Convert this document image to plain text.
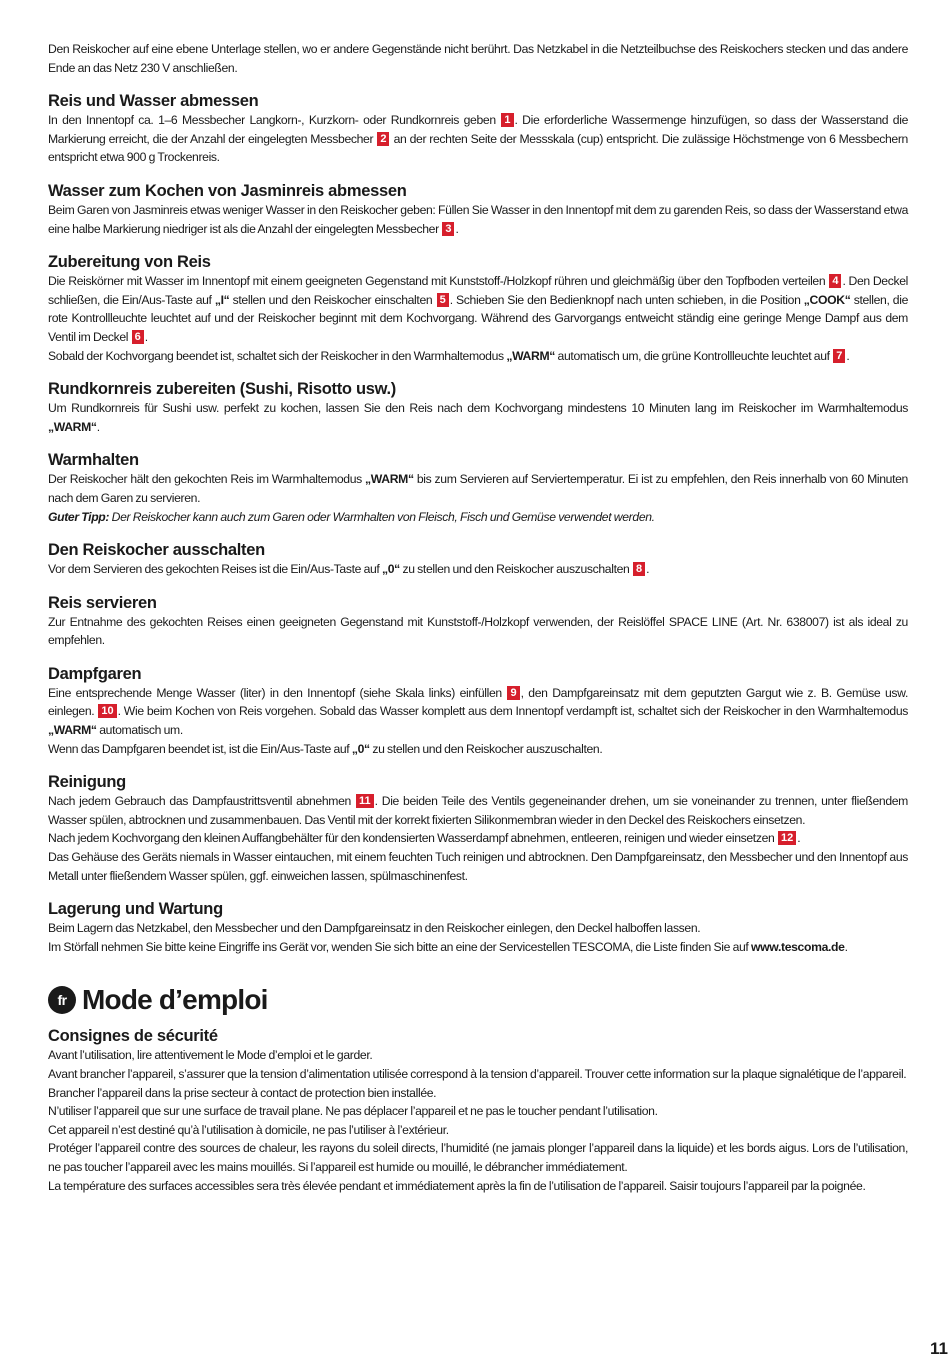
Den Reiskocher auf eine ebene Unterlage stellen, wo er andere Gegenstände nicht berührt. Das Netzkabel in die Netzteilbuchse des Reiskochers stecken und das andere Ende an das Netz 230 V anschließen.

Reis und Wasser abmessen

In den Innentopf ca. 1–6 Messbecher Langkorn-, Kurzkorn- oder Rundkornreis geben 1 . Die erforderliche Wassermenge hinzufügen, so dass der Wasserstand die Markierung erreicht, die der Anzahl der eingelegten Messbecher 2 an der rechten Seite der Messskala (cup) entspricht. Die zulässige Höchstmenge von 6 Messbechern entspricht etwa 900 g Trockenreis.

Wasser zum Kochen von Jasminreis abmessen

Beim Garen von Jasminreis etwas weniger Wasser in den Reiskocher geben: Füllen Sie Wasser in den Innentopf mit dem zu garenden Reis, so dass der Wasserstand etwa eine halbe Markierung niedriger ist als die Anzahl der eingelegten Messbecher 3 .

Zubereitung von Reis

Die Reiskörner mit Wasser im Innentopf mit einem geeigneten Gegenstand mit Kunststoff-/Holzkopf rühren und gleichmäßig über den Topfboden verteilen 4 . Den Deckel schließen, die Ein/Aus-Taste auf „I“ stellen und den Reiskocher einschalten 5 . Schieben Sie den Bedienknopf nach unten schieben, in die Position „COOK“ stellen, die rote Kontrollleuchte leuchtet auf und der Reiskocher beginnt mit dem Kochvorgang. Während des Garvorgangs entweicht ständig eine geringe Menge Dampf aus dem Ventil im Deckel 6 .

Sobald der Kochvorgang beendet ist, schaltet sich der Reiskocher in den Warmhaltemodus „WARM“ automatisch um, die grüne Kontrollleuchte leuchtet auf 7 .

Rundkornreis zubereiten (Sushi, Risotto usw.)

Um Rundkornreis für Sushi usw. perfekt zu kochen, lassen Sie den Reis nach dem Kochvorgang mindestens 10 Minuten lang im Reiskocher im Warmhaltemodus „WARM“.

Warmhalten

Der Reiskocher hält den gekochten Reis im Warmhaltemodus „WARM“ bis zum Servieren auf Serviertemperatur. Ei ist zu empfehlen, den Reis innerhalb von 60 Minuten nach dem Garen zu servieren.

Guter Tipp: Der Reiskocher kann auch zum Garen oder Warmhalten von Fleisch, Fisch und Gemüse verwendet werden.

Den Reiskocher ausschalten

Vor dem Servieren des gekochten Reises ist die Ein/Aus-Taste auf „0“ zu stellen und den Reiskocher auszuschalten 8 .

Reis servieren

Zur Entnahme des gekochten Reises einen geeigneten Gegenstand mit Kunststoff-/Holzkopf verwenden, der Reislöffel SPACE LINE (Art. Nr. 638007) ist als ideal zu empfehlen.

Dampfgaren

Eine entsprechende Menge Wasser (liter) in den Innentopf (siehe Skala links) einfüllen 9 , den Dampfgareinsatz mit dem geputzten Gargut wie z. B. Gemüse usw. einlegen. 10 . Wie beim Kochen von Reis vorgehen. Sobald das Wasser komplett aus dem Innentopf verdampft ist, schaltet sich der Reiskocher in den Warmhaltemodus „WARM“ automatisch um.

Wenn das Dampfgaren beendet ist, ist die Ein/Aus-Taste auf „0“ zu stellen und den Reiskocher auszuschalten.

Reinigung

Nach jedem Gebrauch das Dampfaustrittsventil abnehmen 11 . Die beiden Teile des Ventils gegeneinander drehen, um sie voneinander zu trennen, unter fließendem Wasser spülen, abtrocknen und zusammenbauen. Das Ventil mit der korrekt fixierten Silikonmembran wieder in den Deckel des Reiskochers einsetzen.

Nach jedem Kochvorgang den kleinen Auffangbehälter für den kondensierten Wasserdampf abnehmen, entleeren, reinigen und wieder einsetzen 12 .

Das Gehäuse des Geräts niemals in Wasser eintauchen, mit einem feuchten Tuch reinigen und abtrocknen. Den Dampfgareinsatz, den Messbecher und den Innentopf aus Metall unter fließendem Wasser spülen, ggf. einweichen lassen, spülmaschinenfest.

Lagerung und Wartung

Beim Lagern das Netzkabel, den Messbecher und den Dampfgareinsatz in den Reiskocher einlegen, den Deckel halboffen lassen.

Im Störfall nehmen Sie bitte keine Eingriffe ins Gerät vor, wenden Sie sich bitte an eine der Servicestellen TESCOMA, die Liste finden Sie auf www.tescoma.de.

fr Mode d’emploi
Consignes de sécurité

Avant l’utilisation, lire attentivement le Mode d’emploi et le garder.

Avant brancher l’appareil, s’assurer que la tension d’alimentation utilisée correspond à la tension d’appareil. Trouver cette information sur la plaque signalétique de l’appareil.

Brancher l’appareil dans la prise secteur à contact de protection bien installée.

N’utiliser l’appareil que sur une surface de travail plane. Ne pas déplacer l’appareil et ne pas le toucher pendant l’utilisation.

Cet appareil n’est destiné qu’à l’utilisation à domicile, ne pas l’utiliser à l’extérieur.

Protéger l’appareil contre des sources de chaleur, les rayons du soleil directs, l’humidité (ne jamais plonger l’appareil dans la liquide) et les bords aigus. Lors de l’utilisation, ne pas toucher l’appareil avec les mains mouillés. Si l’appareil est humide ou mouillé, le débrancher immédiatement.

La température des surfaces accessibles sera très élevée pendant et immédiatement après la fin de l’utilisation de l’appareil. Saisir toujours l’appareil par la poignée.

11
